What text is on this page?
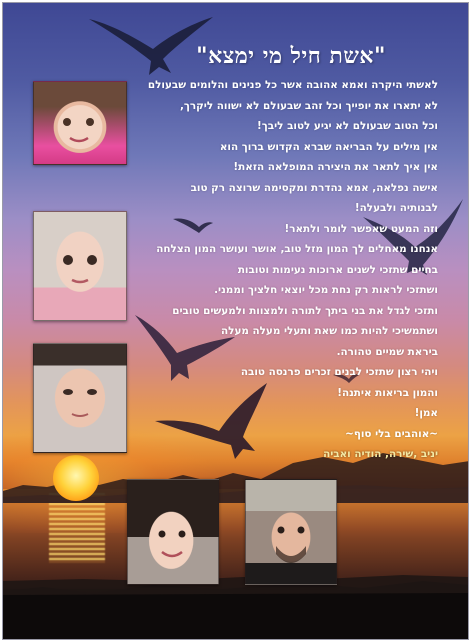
"אשת חיל מי ימצא"
לאשתי היקרה ואמא אהובה אשר כל פנינים והלומים שבעולם
לא יתארו את יופייך וכל זהב שבעולם לא ישווה ליקרך,
וכל הטוב שבעולם לא יגיע לטוב ליבך!
אין מילים על הבריאה שברא הקדוש ברוך הוא
אין איך לתאר את היצירה המופלאה הזאת!
אישה נפלאה, אמא נהדרת ומקסימה שרוצה רק טוב
לבנותיה ולבעלה!
וזה המעט שאפשר לומר ולתאר!
אנחנו מאחלים לך המון מזל טוב, אושר ועושר המון הצלחה
בחיים שתזכי לשנים ארוכות נעימות וטובות
ושתזכי לראות רק נחת מכל יוצאי חלציך וממני.
ותזכי לגדל את בני ביתך לתורה ולמצוות ולמעשים טובים
ושתמשיכי להיות כמו שאת ותעלי מעלה מעלה
ביראת שמיים טהורה.
ויהי רצון שתזכי לבנים זכרים פרנסה טובה
והמון בריאות איתנה!
אמן!
~אוהבים בלי סוף~
יניב ,שירה, הודיה ואביה
